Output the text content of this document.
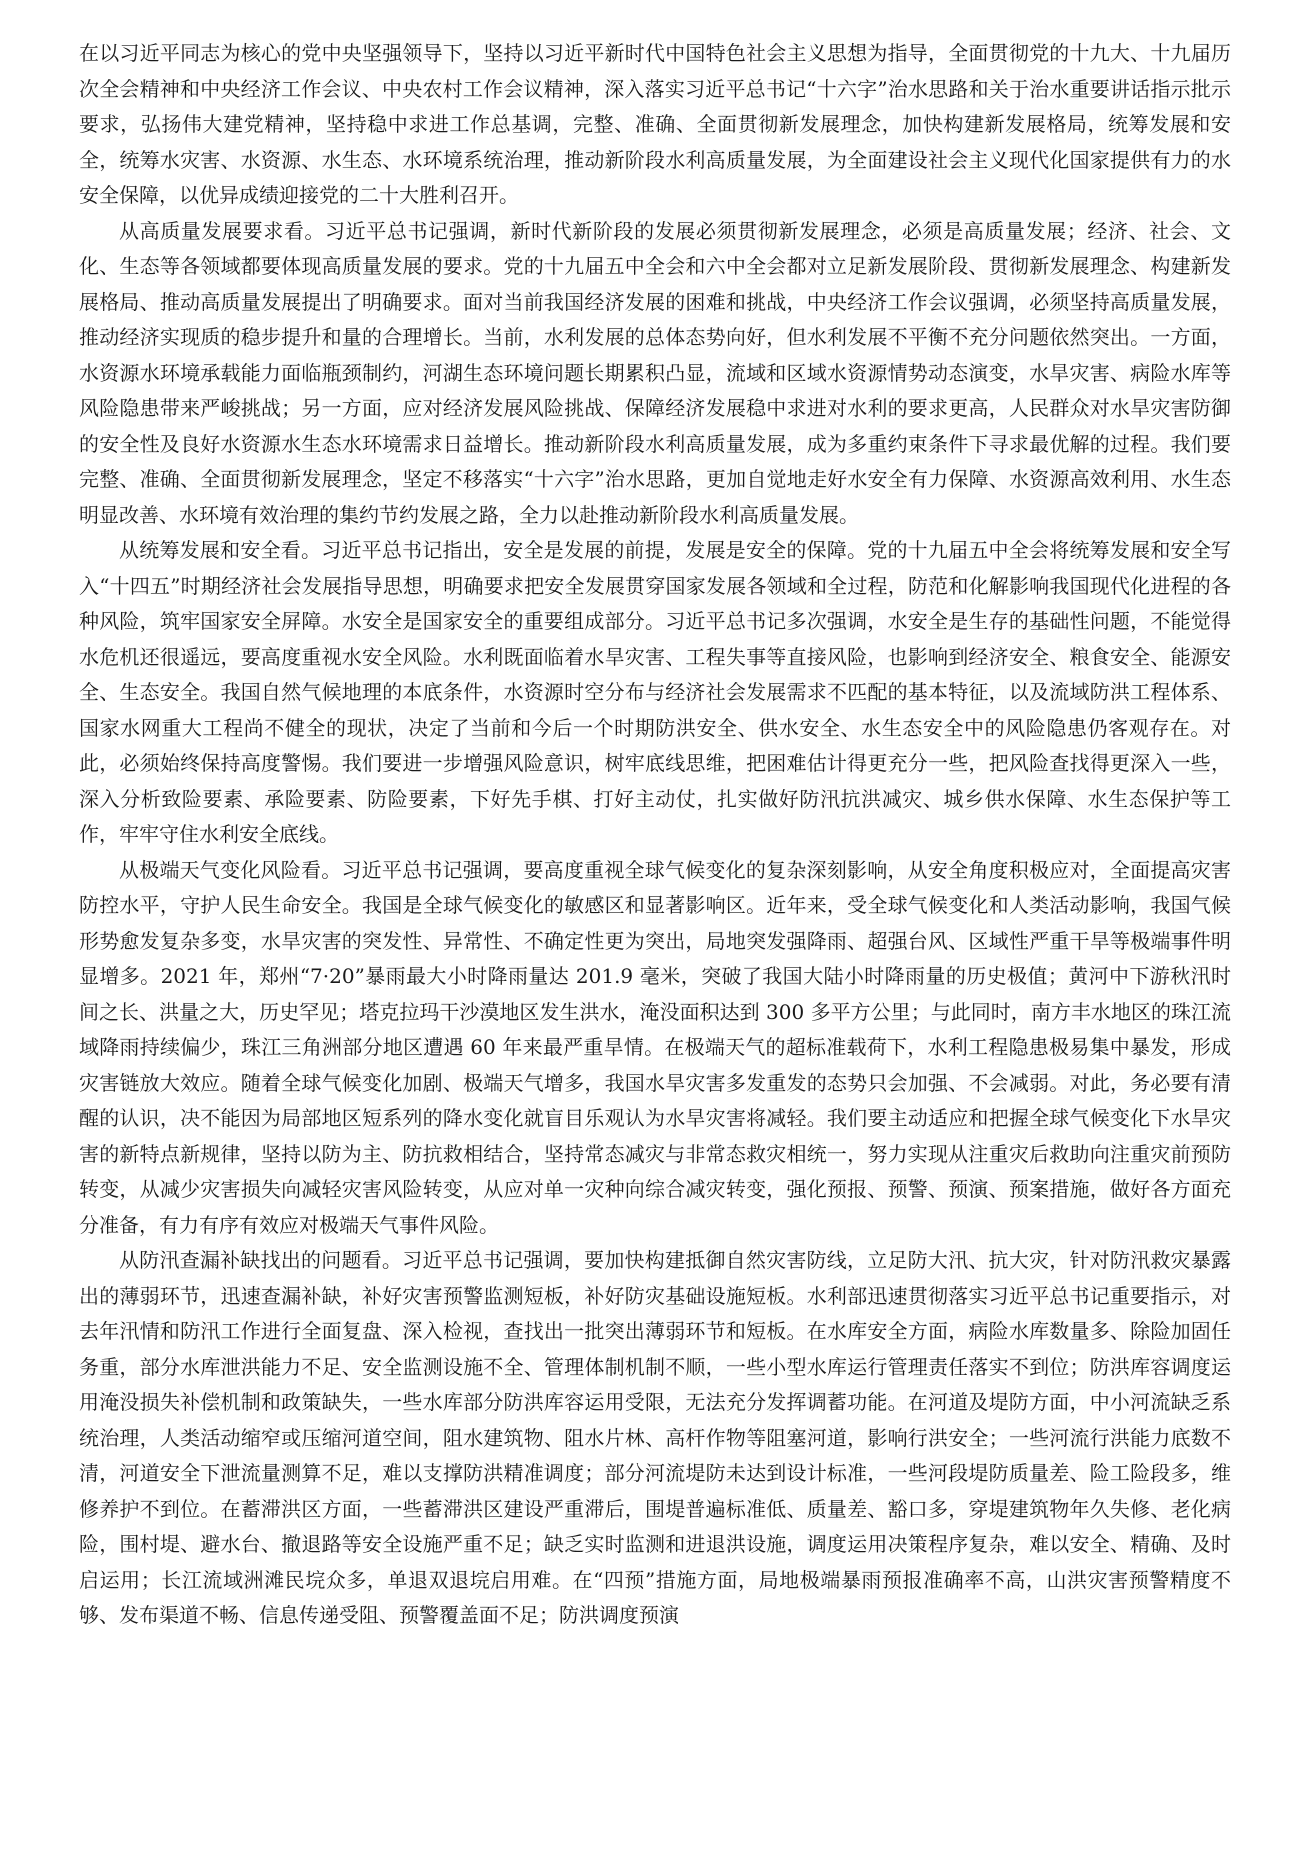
在以习近平同志为核心的党中央坚强领导下，坚持以习近平新时代中国特色社会主义思想为指导，全面贯彻党的十九大、十九届历次全会精神和中央经济工作会议、中央农村工作会议精神，深入落实习近平总书记“十六字”治水思路和关于治水重要讲话指示批示要求，弘扬伟大建党精神，坚持稳中求进工作总基调，完整、准确、全面贯彻新发展理念，加快构建新发展格局，统筹发展和安全，统筹水灾害、水资源、水生态、水环境系统治理，推动新阶段水利高质量发展，为全面建设社会主义现代化国家提供有力的水安全保障，以优异成绩迎接党的二十大胜利召开。

从高质量发展要求看。习近平总书记强调，新时代新阶段的发展必须贯彻新发展理念，必须是高质量发展；经济、社会、文化、生态等各领域都要体现高质量发展的要求。党的十九届五中全会和六中全会都对立足新发展阶段、贯彻新发展理念、构建新发展格局、推动高质量发展提出了明确要求。面对当前我国经济发展的困难和挑战，中央经济工作会议强调，必须坚持高质量发展，推动经济实现质的稳步提升和量的合理增长。当前，水利发展的总体态势向好，但水利发展不平衡不充分问题依然突出。一方面，水资源水环境承载能力面临瓶颈制约，河湖生态环境问题长期累积凸显，流域和区域水资源情势动态演变，水旱灾害、病险水库等风险隐患带来严峻挑战；另一方面，应对经济发展风险挑战、保障经济发展稳中求进对水利的要求更高，人民群众对水旱灾害防御的安全性及良好水资源水生态水环境需求日益增长。推动新阶段水利高质量发展，成为多重约束条件下寻求最优解的过程。我们要完整、准确、全面贯彻新发展理念，坚定不移落实“十六字”治水思路，更加自觉地走好水安全有力保障、水资源高效利用、水生态明显改善、水环境有效治理的集约节约发展之路，全力以赴推动新阶段水利高质量发展。

从统筹发展和安全看。习近平总书记指出，安全是发展的前提，发展是安全的保障。党的十九届五中全会将统筹发展和安全写入“十四五”时期经济社会发展指导思想，明确要求把安全发展贯穿国家发展各领域和全过程，防范和化解影响我国现代化进程的各种风险，筑牢国家安全屏障。水安全是国家安全的重要组成部分。习近平总书记多次强调，水安全是生存的基础性问题，不能觉得水危机还很遥远，要高度重视水安全风险。水利既面临着水旱灾害、工程失事等直接风险，也影响到经济安全、粮食安全、能源安全、生态安全。我国自然气候地理的本底条件，水资源时空分布与经济社会发展需求不匹配的基本特征，以及流域防洪工程体系、国家水网重大工程尚不健全的现状，决定了当前和今后一个时期防洪安全、供水安全、水生态安全中的风险隐患仍客观存在。对此，必须始终保持高度警惕。我们要进一步增强风险意识，树牢底线思维，把困难估计得更充分一些，把风险查找得更深入一些，深入分析致险要素、承险要素、防险要素，下好先手棋、打好主动仗，扎实做好防汛抗洪减灾、城乡供水保障、水生态保护等工作，牢牢守住水利安全底线。

从极端天气变化风险看。习近平总书记强调，要高度重视全球气候变化的复杂深刻影响，从安全角度积极应对，全面提高灾害防控水平，守护人民生命安全。我国是全球气候变化的敏感区和显著影响区。近年来，受全球气候变化和人类活动影响，我国气候形势愈发复杂多变，水旱灾害的突发性、异常性、不确定性更为突出，局地突发强降雨、超强台风、区域性严重干旱等极端事件明显增多。2021 年，郑州“7·20”暴雨最大小时降雨量达 201.9 毫米，突破了我国大陆小时降雨量的历史极值；黄河中下游秋汛时间之长、洪量之大，历史罕见；塔克拉玛干沙漠地区发生洪水，淹没面积达到 300 多平方公里；与此同时，南方丰水地区的珠江流域降雨持续偏少，珠江三角洲部分地区遭遇 60 年来最严重旱情。在极端天气的超标准载荷下，水利工程隐患极易集中暴发，形成灾害链放大效应。随着全球气候变化加剧、极端天气增多，我国水旱灾害多发重发的态势只会加强、不会减弱。对此，务必要有清醒的认识，决不能因为局部地区短系列的降水变化就盲目乐观认为水旱灾害将减轻。我们要主动适应和把握全球气候变化下水旱灾害的新特点新规律，坚持以防为主、防抗救相结合，坚持常态减灾与非常态救灾相统一，努力实现从注重灾后救助向注重灾前预防转变，从减少灾害损失向减轻灾害风险转变，从应对单一灾种向综合减灾转变，强化预报、预警、预演、预案措施，做好各方面充分准备，有力有序有效应对极端天气事件风险。

从防汛查漏补缺找出的问题看。习近平总书记强调，要加快构建抵御自然灾害防线，立足防大汛、抗大灾，针对防汛救灾暴露出的薄弱环节，迅速查漏补缺，补好灾害预警监测短板，补好防灾基础设施短板。水利部迅速贯彻落实习近平总书记重要指示，对去年汛情和防汛工作进行全面复盘、深入检视，查找出一批突出薄弱环节和短板。在水库安全方面，病险水库数量多、除险加固任务重，部分水库泄洪能力不足、安全监测设施不全、管理体制机制不顺，一些小型水库运行管理责任落实不到位；防洪库容调度运用淹没损失补偿机制和政策缺失，一些水库部分防洪库容运用受限，无法充分发挥调蓄功能。在河道及堤防方面，中小河流缺乏系统治理，人类活动缩窄或压缩河道空间，阻水建筑物、阻水片林、高杆作物等阻塞河道，影响行洪安全；一些河流行洪能力底数不清，河道安全下泄流量测算不足，难以支撑防洪精准调度；部分河流堤防未达到设计标准，一些河段堤防质量差、险工险段多，维修养护不到位。在蓄滞洪区方面，一些蓄滞洪区建设严重滞后，围堤普遍标准低、质量差、豁口多，穿堤建筑物年久失修、老化病险，围村堤、避水台、撤退路等安全设施严重不足；缺乏实时监测和进退洪设施，调度运用决策程序复杂，难以安全、精确、及时启运用；长江流域洲滩民垸众多，单退双退垸启用难。在“四预”措施方面，局地极端暴雨预报准确率不高，山洪灾害预警精度不够、发布渠道不畅、信息传递受阻、预警覆盖面不足；防洪调度预演
